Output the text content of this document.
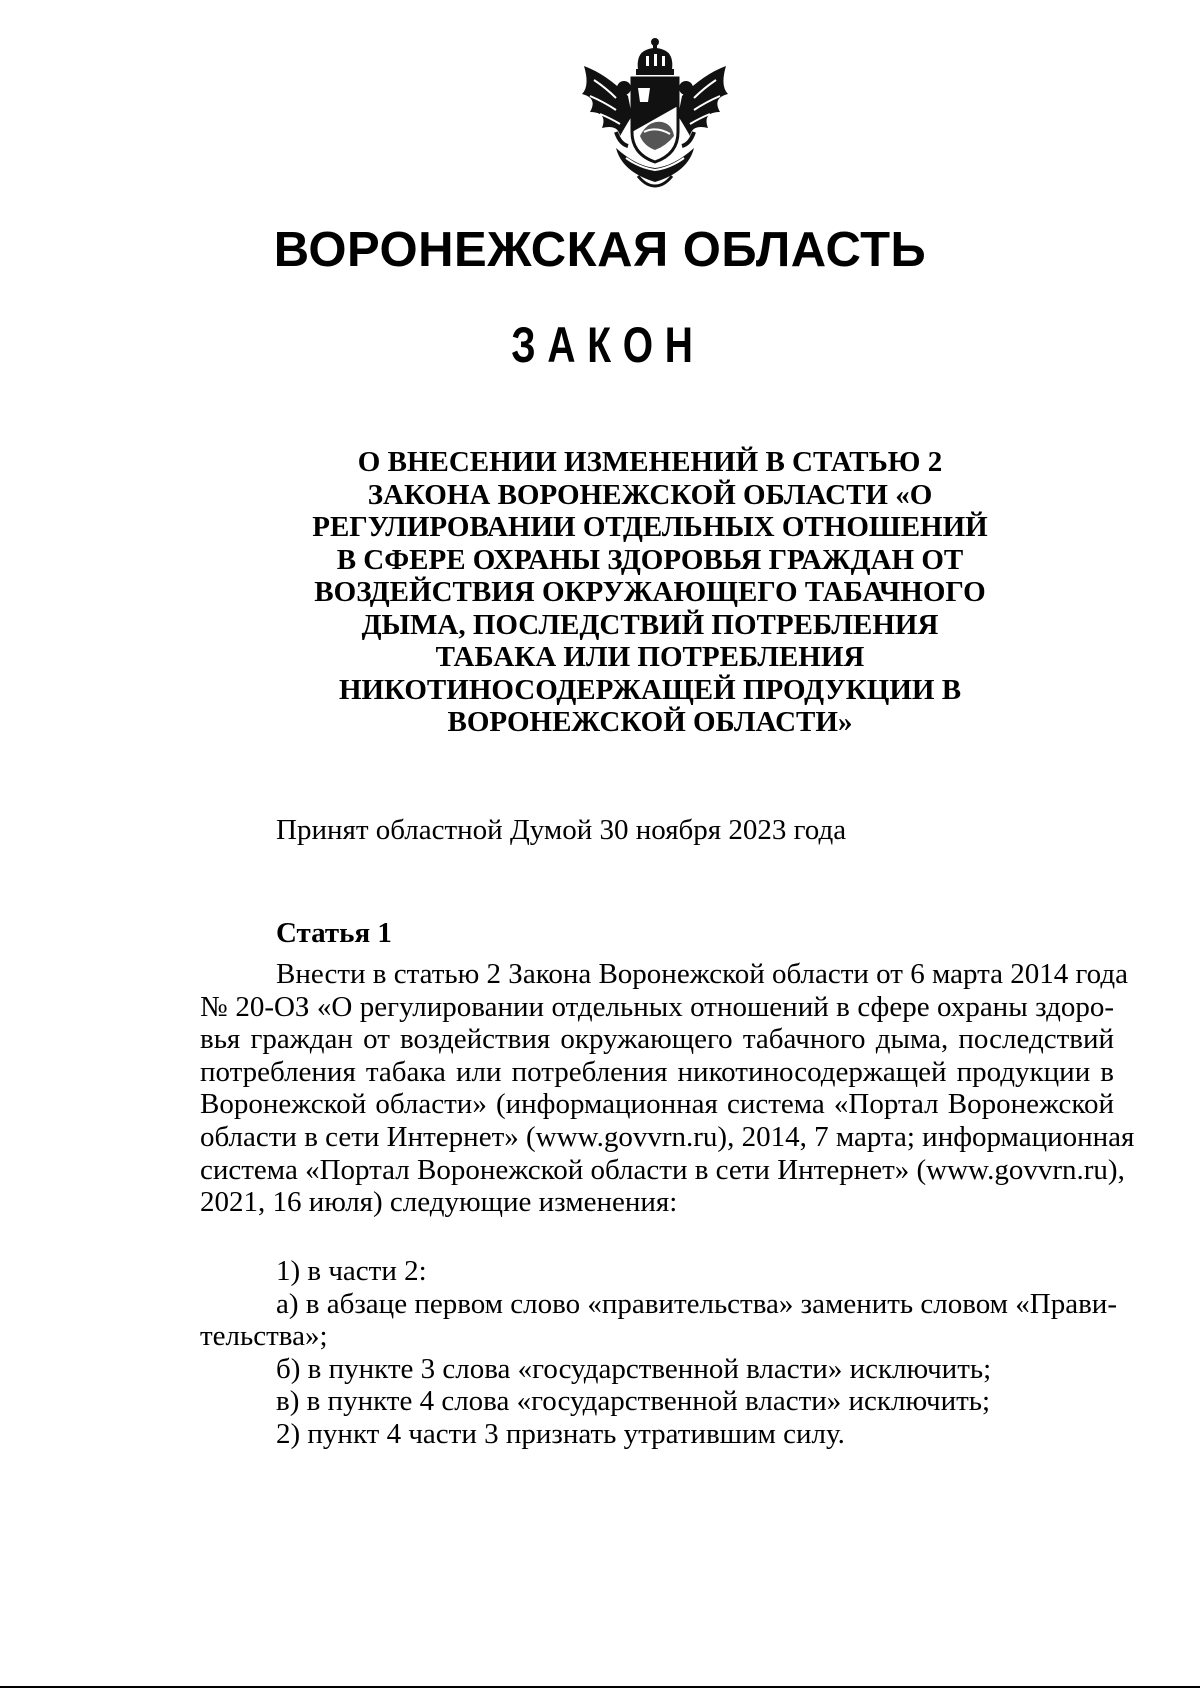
ВОРОНЕЖСКАЯ ОБЛАСТЬ
ЗАКОН
О ВНЕСЕНИИ ИЗМЕНЕНИЙ В СТАТЬЮ 2
ЗАКОНА ВОРОНЕЖСКОЙ ОБЛАСТИ «О
РЕГУЛИРОВАНИИ ОТДЕЛЬНЫХ ОТНОШЕНИЙ
В СФЕРЕ ОХРАНЫ ЗДОРОВЬЯ ГРАЖДАН ОТ
ВОЗДЕЙСТВИЯ ОКРУЖАЮЩЕГО ТАБАЧНОГО
ДЫМА, ПОСЛЕДСТВИЙ ПОТРЕБЛЕНИЯ
ТАБАКА ИЛИ ПОТРЕБЛЕНИЯ
НИКОТИНОСОДЕРЖАЩЕЙ ПРОДУКЦИИ В
ВОРОНЕЖСКОЙ ОБЛАСТИ»
Принят областной Думой 30 ноября 2023 года
Статья 1
Внести в статью 2 Закона Воронежской области от 6 марта 2014 года
№ 20-ОЗ «О регулировании отдельных отношений в сфере охраны здоро-
вья граждан от воздействия окружающего табачного дыма, последствий
потребления табака или потребления никотиносодержащей продукции в
Воронежской области» (информационная система «Портал Воронежской
области в сети Интернет» (www.govvrn.ru), 2014, 7 марта; информационная
система «Портал Воронежской области в сети Интернет» (www.govvrn.ru),
2021, 16 июля) следующие изменения:
1) в части 2:
а) в абзаце первом слово «правительства» заменить словом «Прави-
тельства»;
б) в пункте 3 слова «государственной власти» исключить;
в) в пункте 4 слова «государственной власти» исключить;
2) пункт 4 части 3 признать утратившим силу.
